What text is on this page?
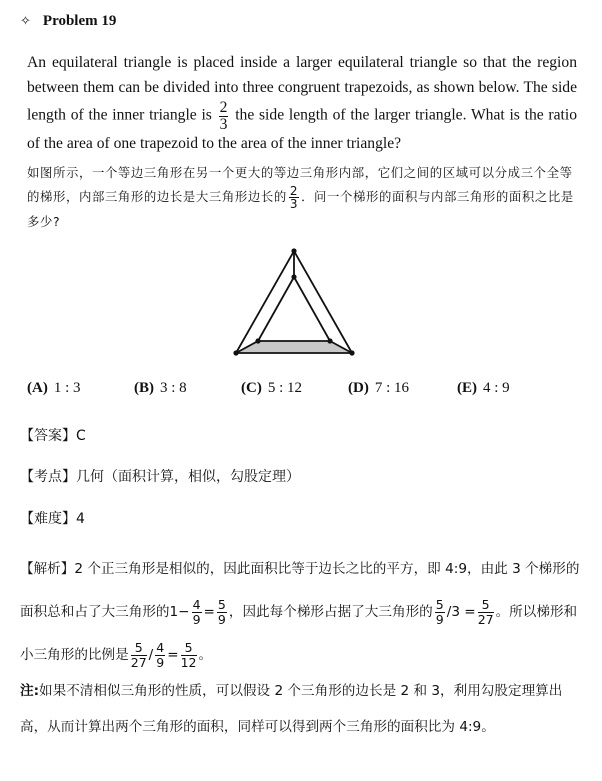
✧ Problem 19
An equilateral triangle is placed inside a larger equilateral triangle so that the region between them can be divided into three congruent trapezoids, as shown below. The side length of the inner triangle is $\frac{2}{3}$ the side length of the larger triangle. What is the ratio of the area of one trapezoid to the area of the inner triangle?
如图所示，一个等边三角形在另一个更大的等边三角形内部，它们之间的区域可以分成三个全等的梯形，内部三角形的边长是大三角形边长的 $\frac{2}{3}$ ．问一个梯形的面积与内部三角形的面积之比是多少?
(A) 1 : 3	(B) 3 : 8	(C) 5 : 12	(D) 7 : 16	(E) 4 : 9
【答案】C
【考点】几何（面积计算，相似，勾股定理）
【难度】4
【解析】2 个正三角形是相似的，因此面积比等于边长之比的平方，即 4:9，由此 3 个梯形的面积总和占了大三角形的$1- \frac{4}{9} = \frac{5}{9}$ ，因此每个梯形占据了大三角形的 $\frac{5}{9} /3 = \frac{5}{27}$ 。所以梯形和小三角形的比例是 $\frac{5}{27} / \frac{4}{9} = \frac{5}{12}$ 。
注:如果不清相似三角形的性质，可以假设 2 个三角形的边长是 2 和 3，利用勾股定理算出高，从而计算出两个三角形的面积，同样可以得到两个三角形的面积比为 4:9。
